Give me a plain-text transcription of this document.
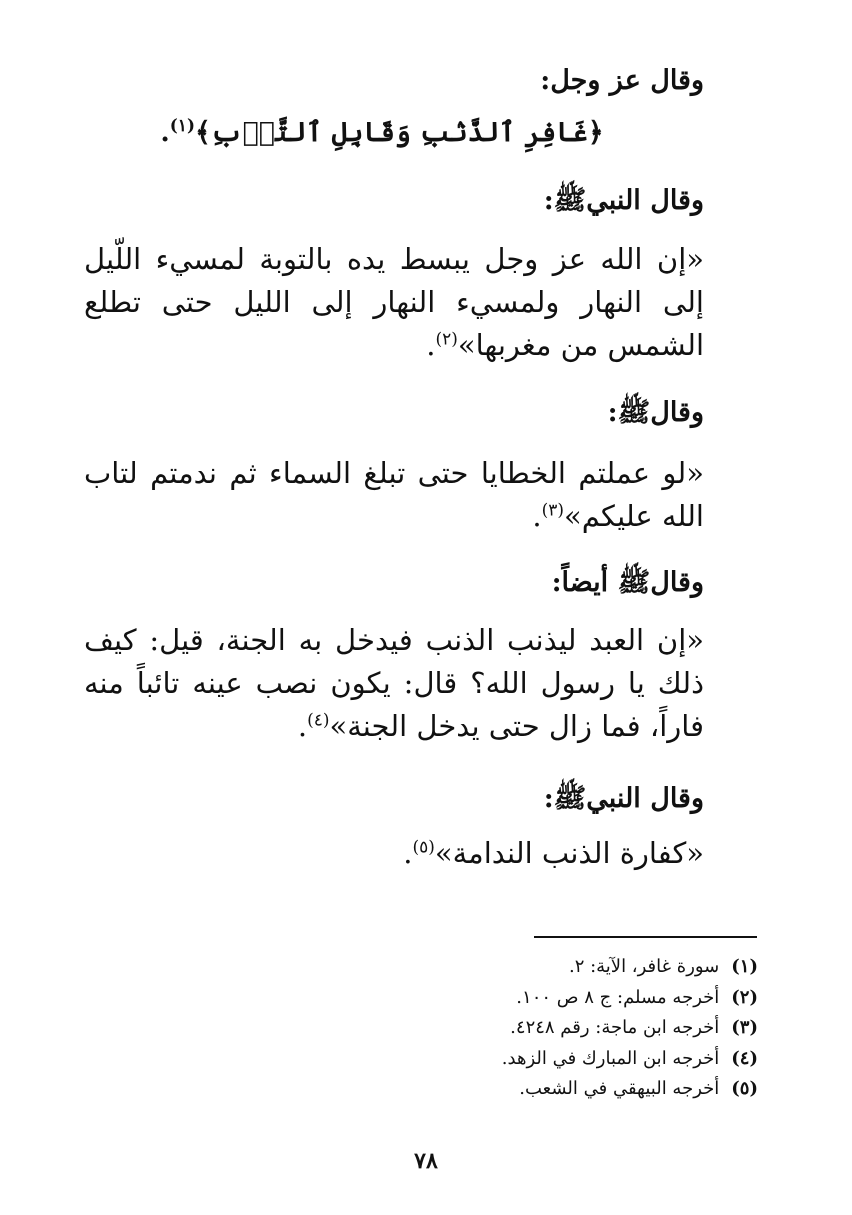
وقال عز وجل:

﴿غَافِرِ ٱلذَّنۢبِ وَقَابِلِ ٱلتَّوۡبِ﴾$^{(١)}$.

وقال النبيﷺ:

«إن الله عز وجل يبسط يده بالتوبة لمسيء اللّيل إلى النهار ولمسيء النهار إلى الليل حتى تطلع الشمس من مغربها»$^{(٢)}$.

وقالﷺ:

«لو عملتم الخطايا حتى تبلغ السماء ثم ندمتم لتاب الله عليكم»$^{(٣)}$.

وقالﷺ أيضاً:

«إن العبد ليذنب الذنب فيدخل به الجنة، قيل: كيف ذلك يا رسول الله؟ قال: يكون نصب عينه تائباً منه فاراً، فما زال حتى يدخل الجنة»$^{(٤)}$.

وقال النبيﷺ:

«كفارة الذنب الندامة»$^{(٥)}$.

(١)سورة غافر، الآية: ٢.
(٢)أخرجه مسلم: ج ٨ ص ١٠٠.
(٣)أخرجه ابن ماجة: رقم ٤٢٤٨.
(٤)أخرجه ابن المبارك في الزهد.
(٥)أخرجه البيهقي في الشعب.
٧٨
